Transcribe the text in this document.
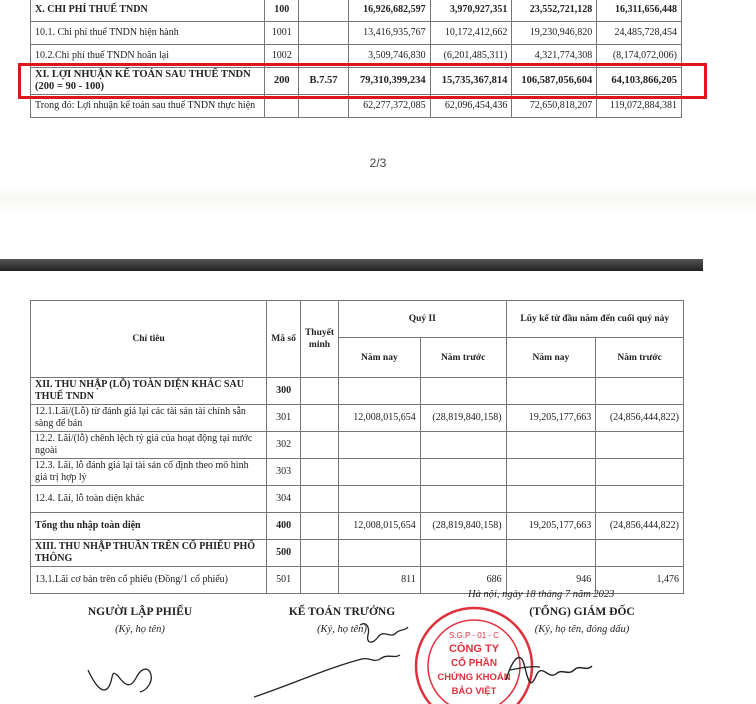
X. CHI PHÍ THUẾ TNDN	100		16,926,682,597	3,970,927,351	23,552,721,128	16,311,656,448
10.1. Chi phí thuế TNDN hiện hành	1001		13,416,935,767	10,172,412,662	19,230,946,820	24,485,728,454
10.2.Chi phí thuế TNDN hoãn lại	1002		3,509,746,830	(6,201,485,311)	4,321,774,308	(8,174,072,006)
XI. LỢI NHUẬN KẾ TOÁN SAU THUẾ TNDN (200 = 90 - 100)	200	B.7.57	79,310,399,234	15,735,367,814	106,587,056,604	64,103,866,205
Trong đó: Lợi nhuận kế toán sau thuế TNDN thực hiện			62,277,372,085	62,096,454,436	72,650,818,207	119,072,884,381
2/3
Chỉ tiêu	Mã số	Thuyết minh	Quý II		Lũy kế từ đầu năm đến cuối quý này	
			Năm nay	Năm trước	Năm nay	Năm trước
XII. THU NHẬP (LỖ) TOÀN DIỆN KHÁC SAU THUẾ TNDN	300					
12.1.Lãi/(Lỗ) từ đánh giá lại các tài sản tài chính sẵn sàng để bán	301		12,008,015,654	(28,819,840,158)	19,205,177,663	(24,856,444,822)
12.2. Lãi/(lỗ) chênh lệch tỷ giá của hoạt động tại nước ngoài	302					
12.3. Lãi, lỗ đánh giá lại tài sản cố định theo mô hình giá trị hợp lý	303					
12.4. Lãi, lỗ toàn diện khác	304					
Tổng thu nhập toàn diện	400		12,008,015,654	(28,819,840,158)	19,205,177,663	(24,856,444,822)
XIII. THU NHẬP THUẦN TRÊN CỔ PHIẾU PHỔ THÔNG	500					
13.1.Lãi cơ bản trên cổ phiếu (Đồng/1 cổ phiếu)	501		811	686	946	1,476
Hà nội, ngày 18 tháng 7 năm 2023
NGƯỜI LẬP PHIẾU
(Ký, họ tên)
KẾ TOÁN TRƯỞNG
(Ký, họ tên)
(TỔNG) GIÁM ĐỐC
(Ký, họ tên, đóng dấu)
S.G.P - 01 - C
CÔNG TY
CỔ PHẦN
CHỨNG KHOÁN
BẢO VIỆT
